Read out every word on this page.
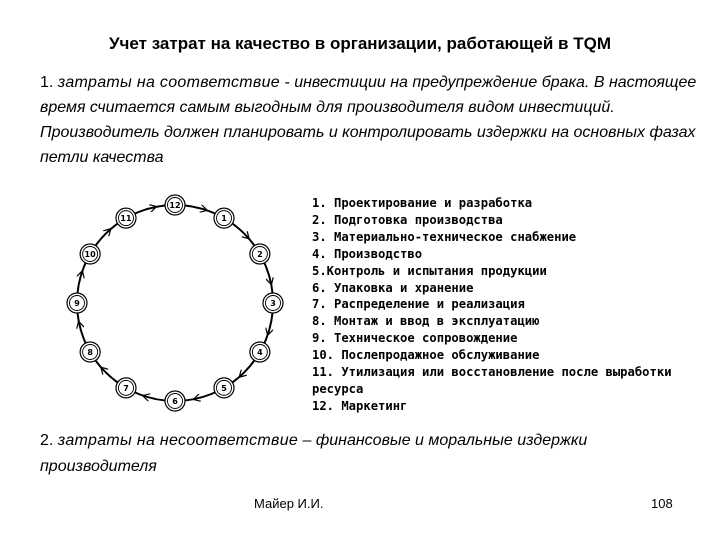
Учет затрат на качество в организации, работающей в TQM
1. затраты на соответствие - инвестиции на предупреждение брака. В настоящее время считается самым выгодным для производителя видом инвестиций. Производитель должен планировать и контролировать издержки на основных фазах петли качества
12
1
2
3
4
5
6
7
8
9
10
11
1. Проектирование и разработка
2. Подготовка производства
3. Материально-техническое снабжение
4. Производство
5.Контроль и испытания продукции
6. Упаковка и хранение
7. Распределение и реализация
8. Монтаж и ввод в эксплуатацию
9. Техническое сопровождение
10. Послепродажное обслуживание
11. Утилизация или восстановление после выработки ресурса
12. Маркетинг
2. затраты на несоответствие – финансовые и моральные издержки производителя
Майер И.И.	108
